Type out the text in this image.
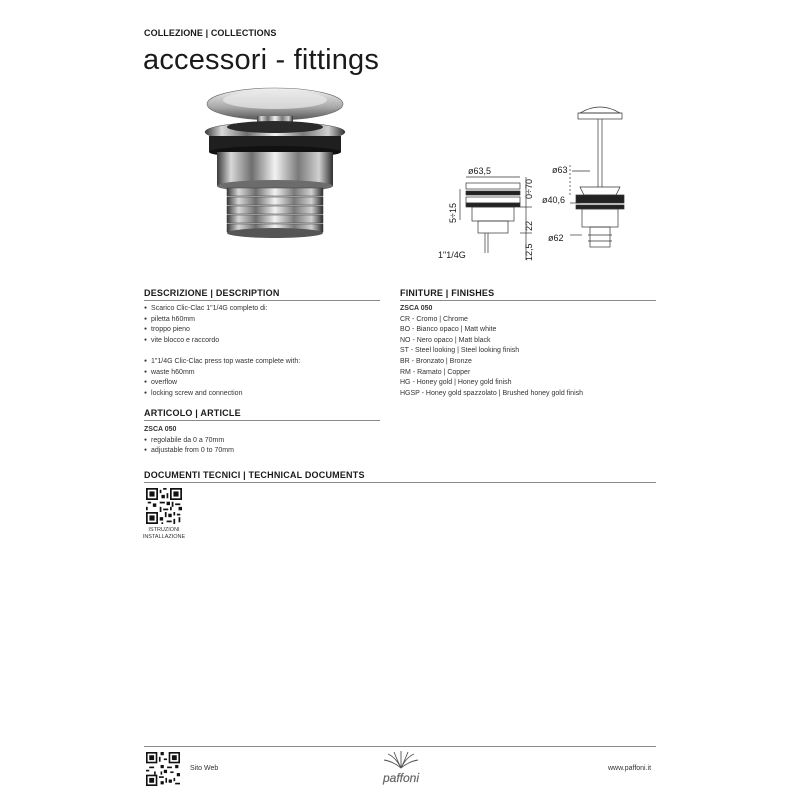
COLLEZIONE | COLLECTIONS
accessori - fittings
ø63,5
0÷70
5÷15
22
12,5
1"1/4G
ø63
ø40,6
ø62
DESCRIZIONE | DESCRIPTION
● Scarico Clic-Clac 1"1/4G completo di:
● piletta h60mm
● troppo pieno
● vite blocco e raccordo
● 1"1/4G Clic-Clac press top waste complete with:
● waste h60mm
● overflow
● locking screw and connection
ARTICOLO | ARTICLE
ZSCA 050
● regolabile da 0 a 70mm
● adjustable from 0 to 70mm
FINITURE | FINISHES
ZSCA 050
CR - Cromo | Chrome
BO - Bianco opaco | Matt white
NO - Nero opaco | Matt black
ST - Steel looking | Steel looking finish
BR - Bronzato | Bronze
RM - Ramato | Copper
HG - Honey gold | Honey gold finish
HGSP - Honey gold spazzolato | Brushed honey gold finish
DOCUMENTI TECNICI | TECHNICAL DOCUMENTS
ISTRUZIONI
INSTALLAZIONE
Sito Web
paffoni
www.paffoni.it
